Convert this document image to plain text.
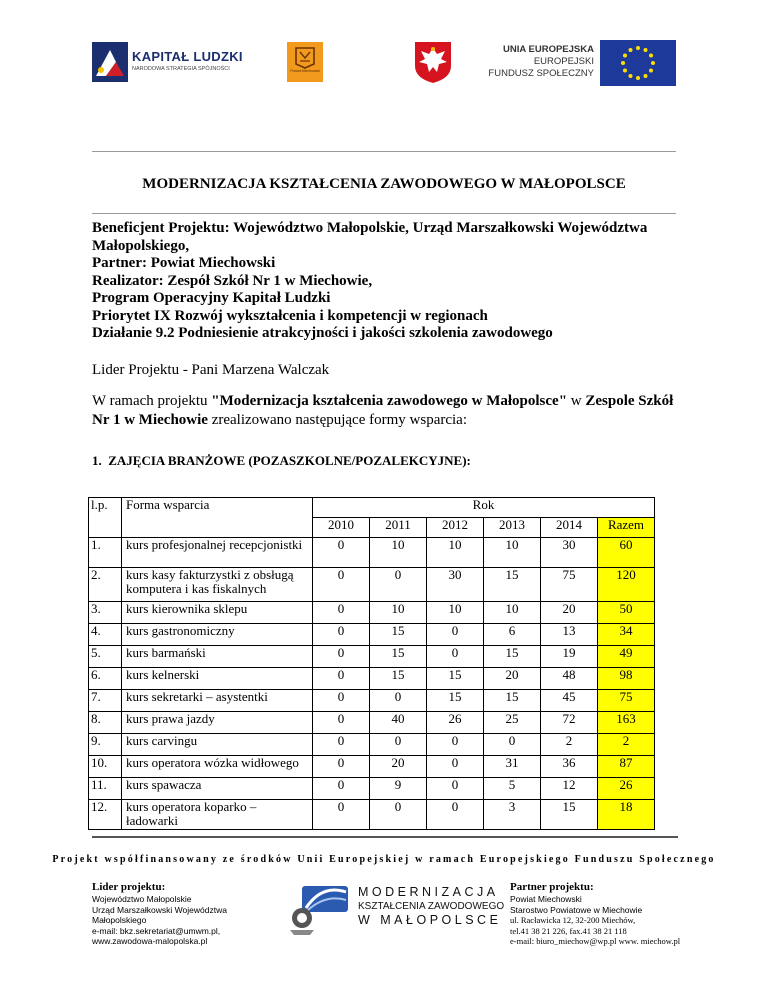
KAPITAŁ LUDZKI
NARODOWA STRATEGIA SPÓJNOŚCI	Powiat Miechowski
UNIA EUROPEJSKA
EUROPEJSKI
FUNDUSZ SPOŁECZNY

MODERNIZACJA KSZTAŁCENIA ZAWODOWEGO W MAŁOPOLSCE

Beneficjent Projektu: Województwo Małopolskie, Urząd Marszałkowski Województwa Małopolskiego,
Partner: Powiat Miechowski
Realizator: Zespół Szkół Nr 1 w Miechowie,
Program Operacyjny Kapitał Ludzki
Priorytet IX Rozwój wykształcenia i kompetencji w regionach
Działanie 9.2 Podniesienie atrakcyjności i jakości szkolenia zawodowego

Lider Projektu - Pani Marzena Walczak

W ramach projektu "Modernizacja kształcenia zawodowego w Małopolsce" w Zespole Szkół Nr 1 w Miechowie zrealizowano następujące formy wsparcia:

1. ZAJĘCIA BRANŻOWE (POZASZKOLNE/POZALEKCYJNE):

l.p.	Forma wsparcia	Rok					
		2010	2011	2012	2013	2014	Razem
1.	kurs profesjonalnej recepcjonistki	0	10	10	10	30	60
2.	kurs kasy fakturzystki z obsługą komputera i kas fiskalnych	0	0	30	15	75	120
3.	kurs kierownika sklepu	0	10	10	10	20	50
4.	kurs gastronomiczny	0	15	0	6	13	34
5.	kurs barmański	0	15	0	15	19	49
6.	kurs kelnerski	0	15	15	20	48	98
7.	kurs sekretarki – asystentki	0	0	15	15	45	75
8.	kurs prawa jazdy	0	40	26	25	72	163
9.	kurs carvingu	0	0	0	0	2	2
10.	kurs operatora wózka widłowego	0	20	0	31	36	87
11.	kurs spawacza	0	9	0	5	12	26
12.	kurs operatora koparko – ładowarki	0	0	0	3	15	18

Projekt współfinansowany ze środków Unii Europejskiej w ramach Europejskiego Funduszu Społecznego

Lider projektu:
Województwo Małopolskie
Urząd Marszałkowski Województwa Małopolskiego
e-mail: bkz.sekretariat@umwm.pl, www.zawodowa-malopolska.pl
MODERNIZACJA
KSZTAŁCENIA ZAWODOWEGO
W MAŁOPOLSCE
Partner projektu:
Powiat Miechowski
Starostwo Powiatowe w Miechowie
ul. Racławicka 12, 32-200 Miechów,
tel.41 38 21 226, fax.41 38 21 118
e-mail: biuro_miechow@wp.pl www. miechow.pl
